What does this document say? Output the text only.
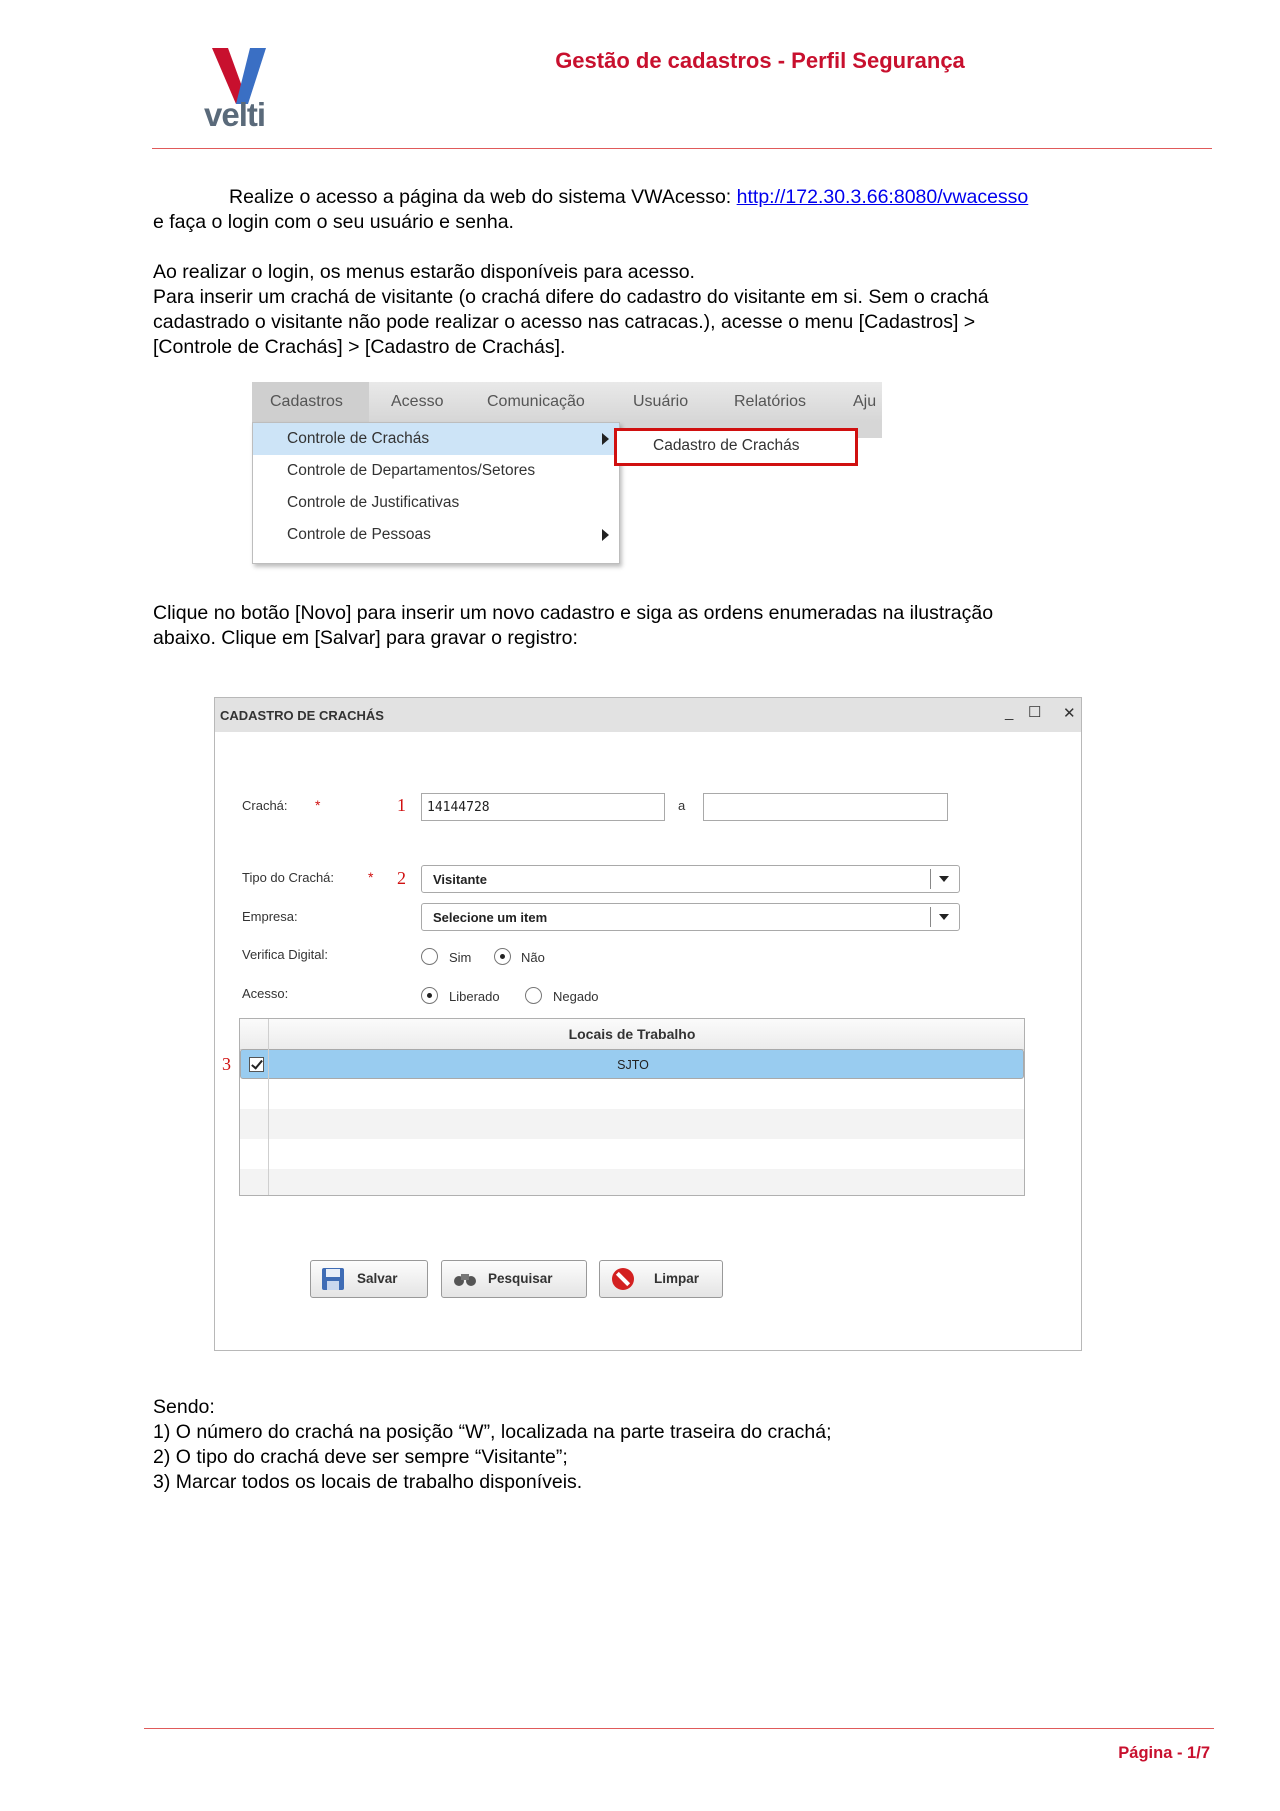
velti
Gestão de cadastros - Perfil Segurança

Realize o acesso a página da web do sistema VWAcesso: http://172.30.3.66:8080/vwacesso

e faça o login com o seu usuário e senha.

Ao realizar o login, os menus estarão disponíveis para acesso.

Para inserir um crachá de visitante (o crachá difere do cadastro do visitante em si. Sem o crachá

cadastrado o visitante não pode realizar o acesso nas catracas.), acesse o menu [Cadastros] >

[Controle de Crachás] > [Cadastro de Crachás].

Cadastros	Acesso	Comunicação	Usuário	Relatórios	Aju
Controle de Crachás
Controle de Departamentos/Setores
Controle de Justificativas
Controle de Pessoas
Cadastro de Crachás

Clique no botão [Novo] para inserir um novo cadastro e siga as ordens enumeradas na ilustração

abaixo. Clique em [Salvar] para gravar o registro:

CADASTRO DE CRACHÁS	_ ☐ ✕
Crachá: *	1	14144728	a
Tipo do Crachá: * 2 Visitante
Empresa:	Selecione um item
Verifica Digital:	Sim	Não
Acesso:	Liberado	Negado
3
Locais de Trabalho
SJTO
Salvar	Pesquisar	Limpar

Sendo:

1) O número do crachá na posição “W”, localizada na parte traseira do crachá;

2) O tipo do crachá deve ser sempre “Visitante”;

3) Marcar todos os locais de trabalho disponíveis.

Página - 1/7
